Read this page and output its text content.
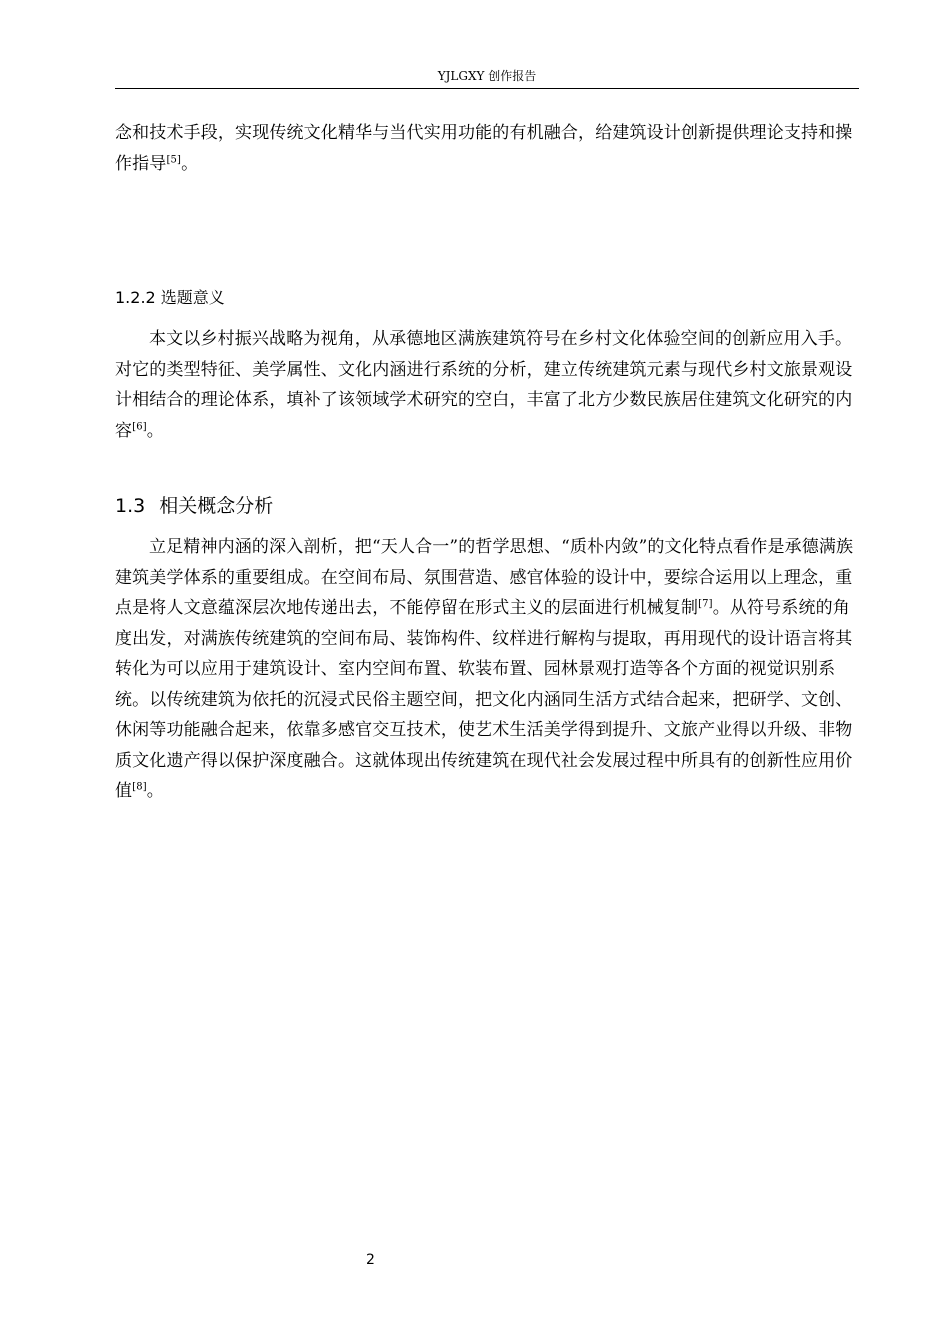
YJLGXY 创作报告

念和技术手段，实现传统文化精华与当代实用功能的有机融合，给建筑设计创新提供理论支持和操作指导[5]。

1.2.2 选题意义

本文以乡村振兴战略为视角，从承德地区满族建筑符号在乡村文化体验空间的创新应用入手。对它的类型特征、美学属性、文化内涵进行系统的分析，建立传统建筑元素与现代乡村文旅景观设计相结合的理论体系，填补了该领域学术研究的空白，丰富了北方少数民族居住建筑文化研究的内容[6]。

1.3 相关概念分析

立足精神内涵的深入剖析，把“天人合一”的哲学思想、“质朴内敛”的文化特点看作是承德满族建筑美学体系的重要组成。在空间布局、氛围营造、感官体验的设计中，要综合运用以上理念，重点是将人文意蕴深层次地传递出去，不能停留在形式主义的层面进行机械复制[7]。从符号系统的角度出发，对满族传统建筑的空间布局、装饰构件、纹样进行解构与提取，再用现代的设计语言将其转化为可以应用于建筑设计、室内空间布置、软装布置、园林景观打造等各个方面的视觉识别系统。以传统建筑为依托的沉浸式民俗主题空间，把文化内涵同生活方式结合起来，把研学、文创、休闲等功能融合起来，依靠多感官交互技术，使艺术生活美学得到提升、文旅产业得以升级、非物质文化遗产得以保护深度融合。这就体现出传统建筑在现代社会发展过程中所具有的创新性应用价值[8]。

2
